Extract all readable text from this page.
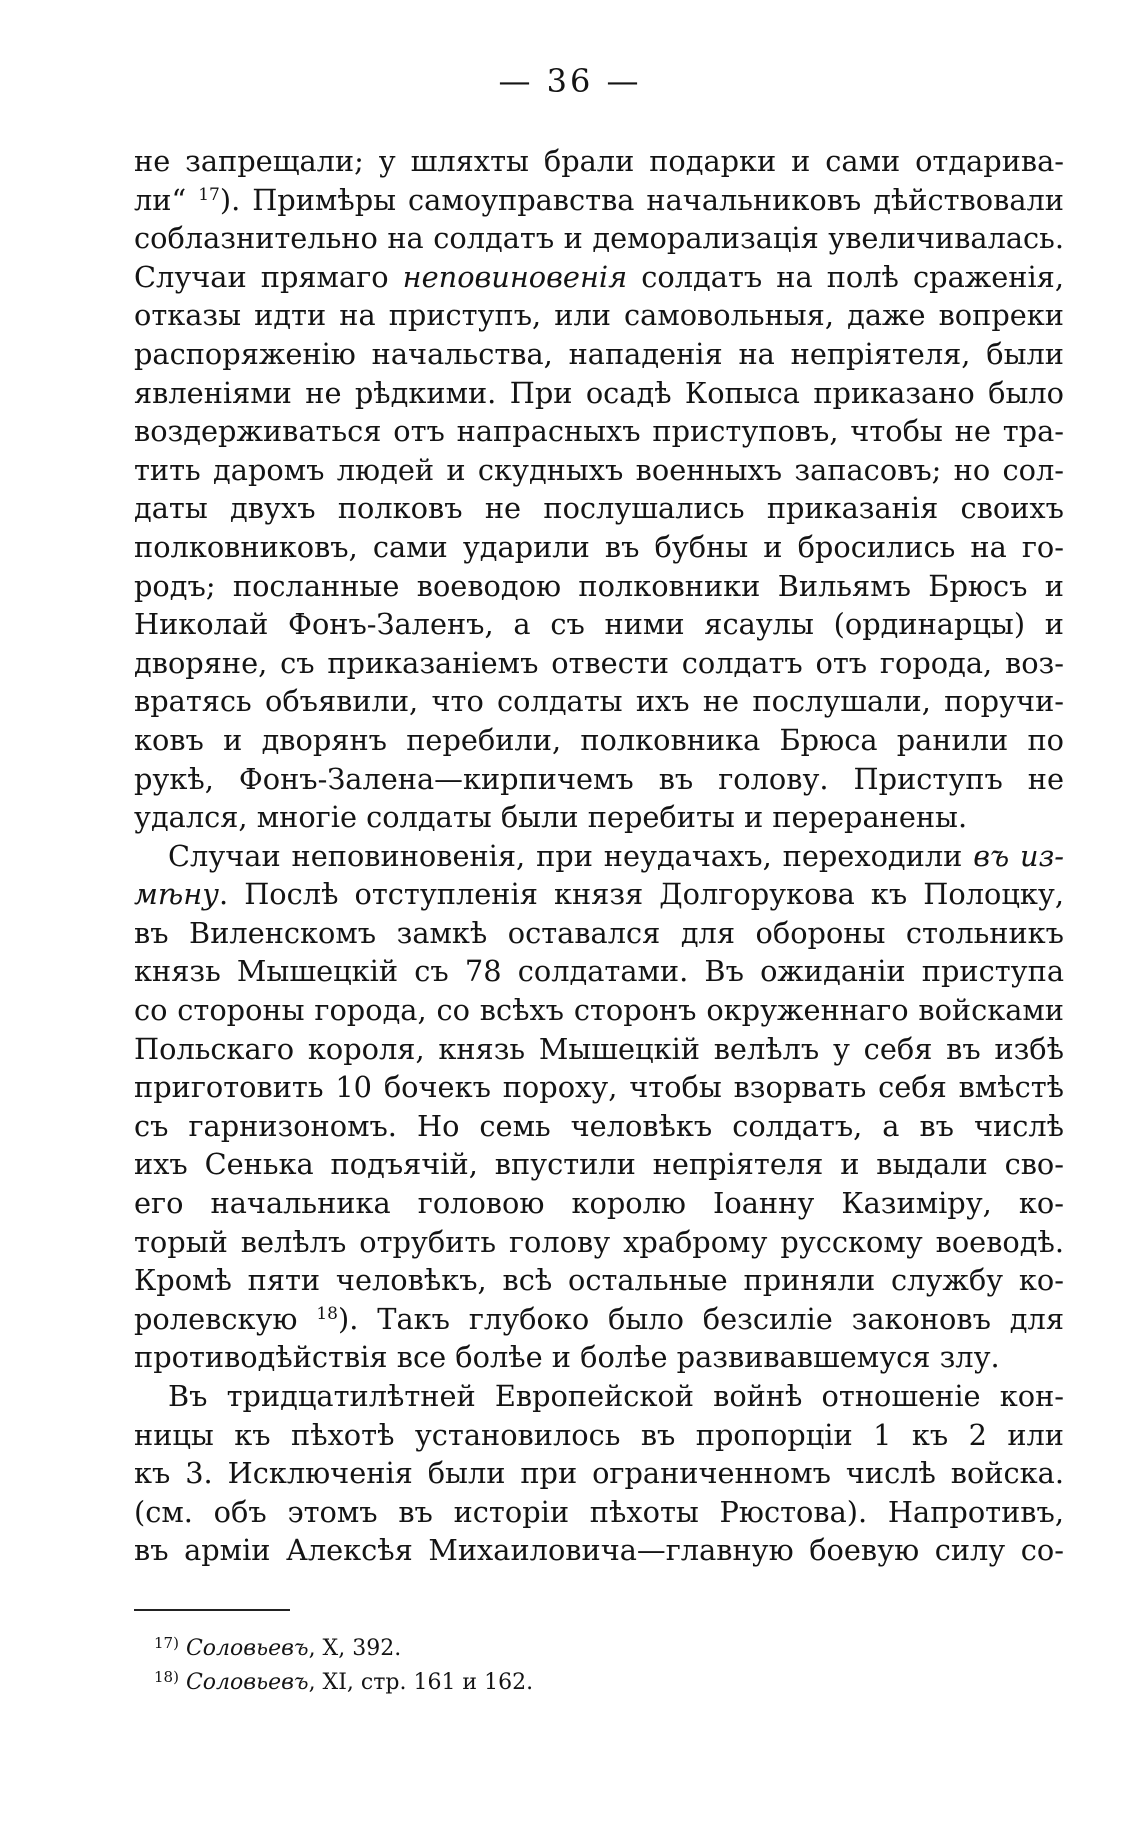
— 36 —
не запрещали; у шляхты брали подарки и сами отдарива-
ли“ $^{17}$). Примѣры самоуправства начальниковъ дѣйствовали
соблазнительно на солдатъ и деморализація увеличивалась.
Случаи прямаго неповиновенія солдатъ на полѣ сраженія,
отказы идти на приступъ, или самовольныя, даже вопреки
распоряженію начальства, нападенія на непріятеля, были
явленіями не рѣдкими. При осадѣ Копыса приказано было
воздерживаться отъ напрасныхъ приступовъ, чтобы не тра-
тить даромъ людей и скудныхъ военныхъ запасовъ; но сол-
даты двухъ полковъ не послушались приказанія своихъ
полковниковъ, сами ударили въ бубны и бросились на го-
родъ; посланные воеводою полковники Вильямъ Брюсъ и
Николай Фонъ-Заленъ, а съ ними ясаулы (ординарцы) и
дворяне, съ приказаніемъ отвести солдатъ отъ города, воз-
вратясь объявили, что солдаты ихъ не послушали, поручи-
ковъ и дворянъ перебили, полковника Брюса ранили по
рукѣ, Фонъ-Залена—кирпичемъ въ голову. Приступъ не
удался, многіе солдаты были перебиты и переранены.
Случаи неповиновенія, при неудачахъ, переходили въ из-
мѣну. Послѣ отступленія князя Долгорукова къ Полоцку,
въ Виленскомъ замкѣ оставался для обороны стольникъ
князь Мышецкій съ 78 солдатами. Въ ожиданіи приступа
со стороны города, со всѣхъ сторонъ окруженнаго войсками
Польскаго короля, князь Мышецкій велѣлъ у себя въ избѣ
приготовить 10 бочекъ пороху, чтобы взорвать себя вмѣстѣ
съ гарнизономъ. Но семь человѣкъ солдатъ, а въ числѣ
ихъ Сенька подъячій, впустили непріятеля и выдали сво-
его начальника головою королю Іоанну Казиміру, ко-
торый велѣлъ отрубить голову храброму русскому воеводѣ.
Кромѣ пяти человѣкъ, всѣ остальные приняли службу ко-
ролевскую $^{18}$). Такъ глубоко было безсиліе законовъ для
противодѣйствія все болѣе и болѣе развивавшемуся злу.
Въ тридцатилѣтней Европейской войнѣ отношеніе кон-
ницы къ пѣхотѣ установилось въ пропорціи 1 къ 2 или
къ 3. Исключенія были при ограниченномъ числѣ войска.
(см. объ этомъ въ исторіи пѣхоты Рюстова). Напротивъ,
въ арміи Алексѣя Михаиловича—главную боевую силу со-
$^{17)}$ Соловьевъ, X, 392.
$^{18)}$ Соловьевъ, XI, стр. 161 и 162.
